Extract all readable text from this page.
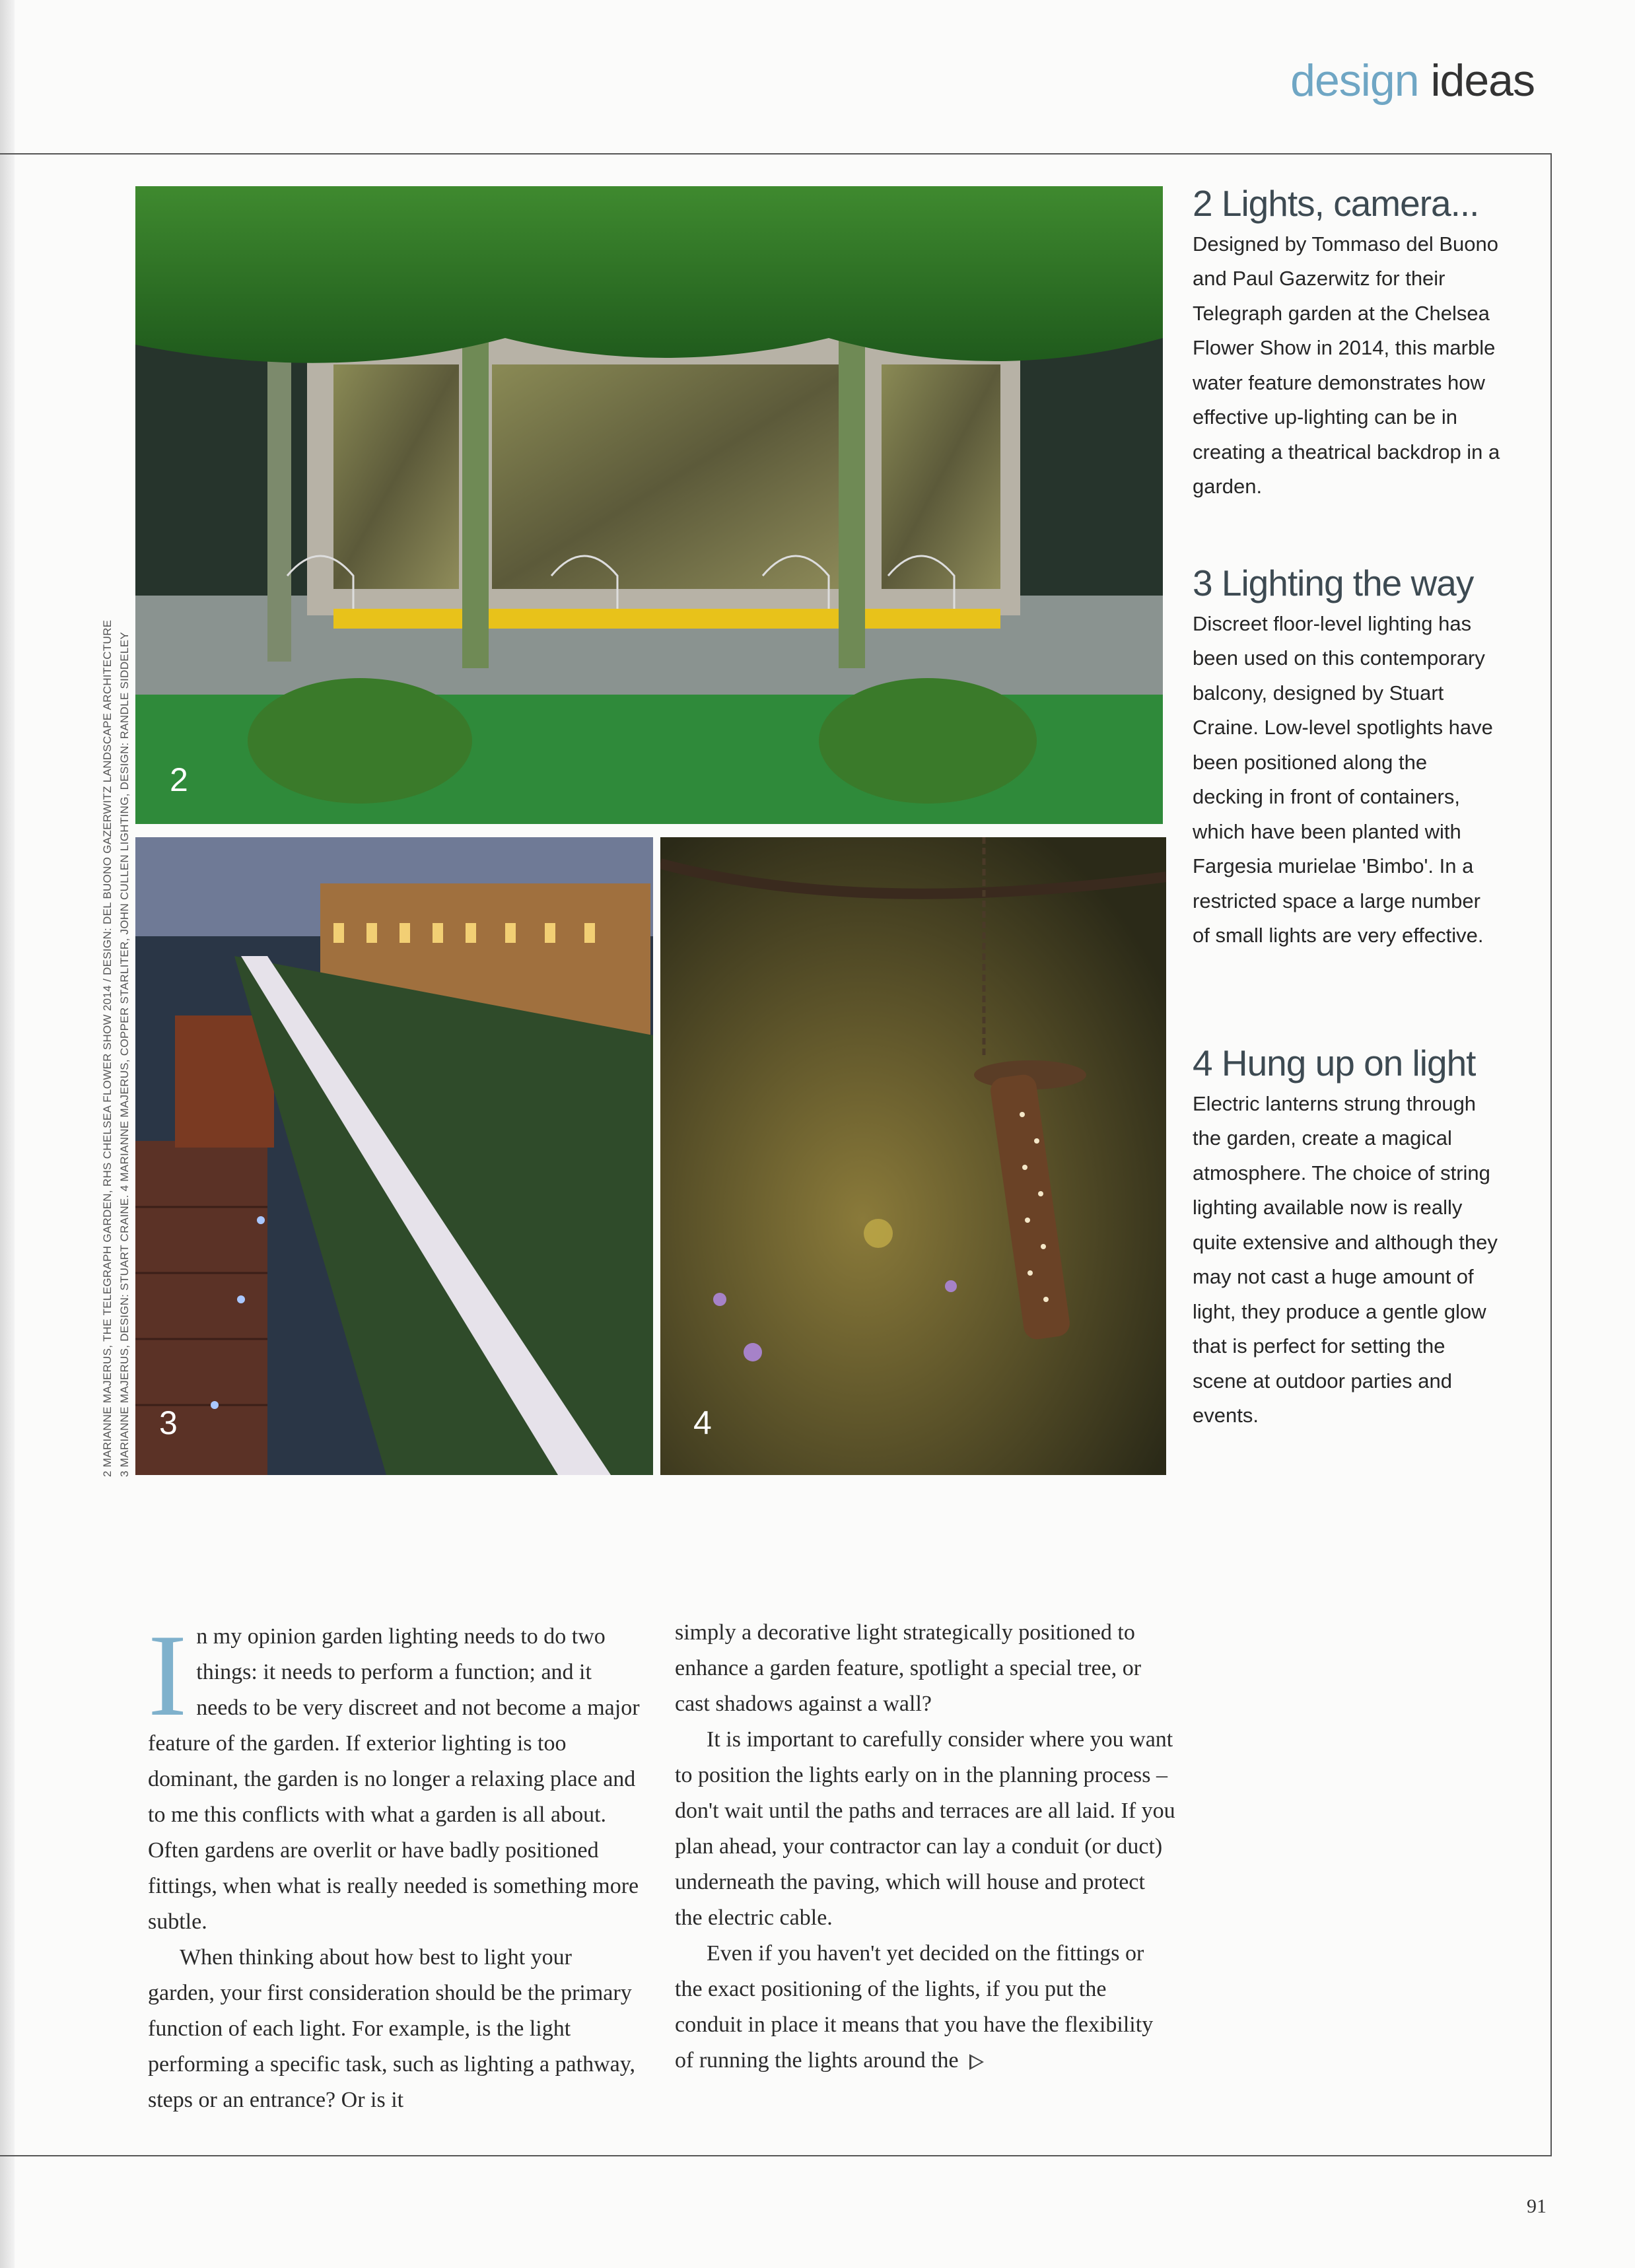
design ideas
2
3	4
2 MARIANNE MAJERUS, THE TELEGRAPH GARDEN, RHS CHELSEA FLOWER SHOW 2014 / DESIGN: DEL BUONO GAZERWITZ LANDSCAPE ARCHITECTURE 3 MARIANNE MAJERUS, DESIGN: STUART CRAINE. 4 MARIANNE MAJERUS, COPPER STARLITER, JOHN CULLEN LIGHTING, DESIGN: RANDLE SIDDELEY
2 Lights, camera...

Designed by Tommaso del Buono and Paul Gazerwitz for their Telegraph garden at the Chelsea Flower Show in 2014, this marble water feature demonstrates how effective up-lighting can be in creating a theatrical backdrop in a garden.

3 Lighting the way

Discreet floor-level lighting has been used on this contemporary balcony, designed by Stuart Craine. Low-level spotlights have been positioned along the decking in front of containers, which have been planted with Fargesia murielae 'Bimbo'. In a restricted space a large number of small lights are very effective.

4 Hung up on light

Electric lanterns strung through the garden, create a magical atmosphere. The choice of string lighting available now is really quite extensive and although they may not cast a huge amount of light, they produce a gentle glow that is perfect for setting the scene at outdoor parties and events.

I n my opinion garden lighting needs to do two things: it needs to perform a function; and it needs to be very discreet and not become a major feature of the garden. If exterior lighting is too dominant, the garden is no longer a relaxing place and to me this conflicts with what a garden is all about. Often gardens are overlit or have badly positioned fittings, when what is really needed is something more subtle.

When thinking about how best to light your garden, your first consideration should be the primary function of each light. For example, is the light performing a specific task, such as lighting a pathway, steps or an entrance? Or is it

simply a decorative light strategically positioned to enhance a garden feature, spotlight a special tree, or cast shadows against a wall?

It is important to carefully consider where you want to position the lights early on in the planning process – don't wait until the paths and terraces are all laid. If you plan ahead, your contractor can lay a conduit (or duct) underneath the paving, which will house and protect the electric cable.

Even if you haven't yet decided on the fittings or the exact positioning of the lights, if you put the conduit in place it means that you have the flexibility of running the lights around the

91
